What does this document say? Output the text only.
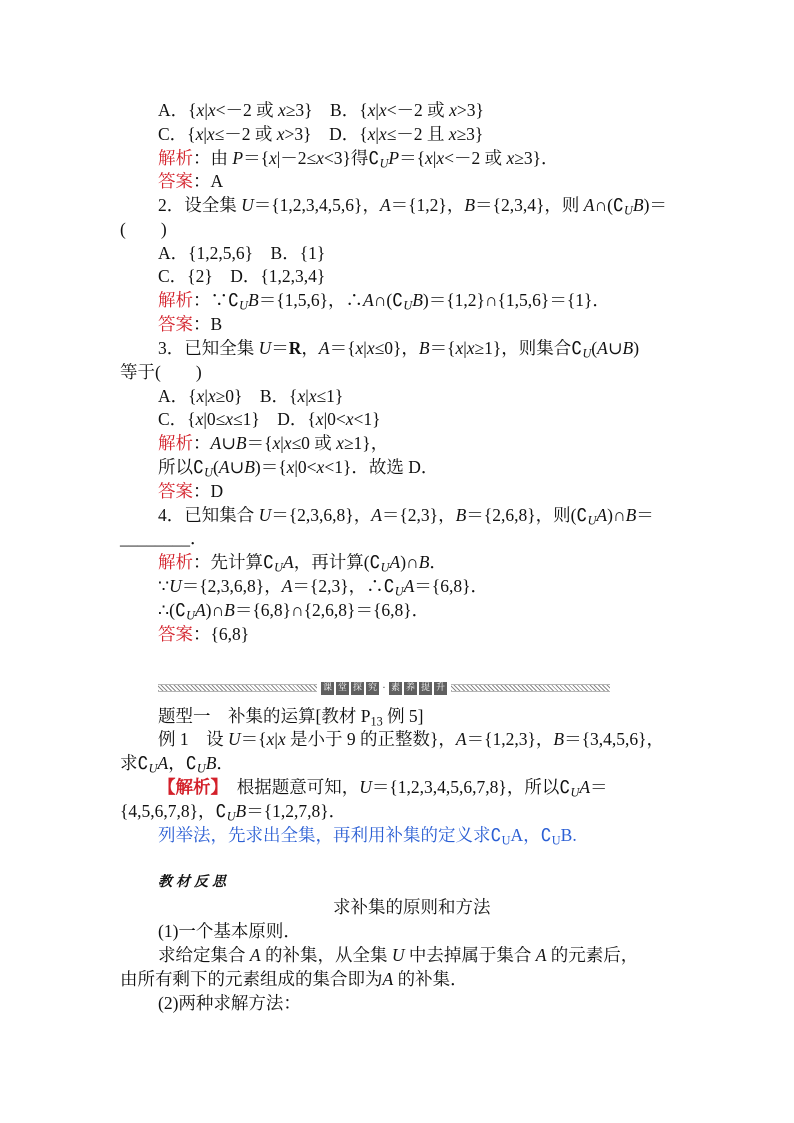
A．{x|x<－2 或 x≥3}　B．{x|x<－2 或 x>3}
C．{x|x≤－2 或 x>3}　D．{x|x≤－2 且 x≥3}
解析：由 P＝{x|－2≤x<3}得∁UP＝{x|x<－2 或 x≥3}．
答案：A
2．设全集 U＝{1,2,3,4,5,6}，A＝{1,2}，B＝{2,3,4}，则 A∩(∁UB)＝
(　　)
A．{1,2,5,6}　B．{1}
C．{2}　D．{1,2,3,4}
解析：∵∁UB＝{1,5,6}，∴A∩(∁UB)＝{1,2}∩{1,5,6}＝{1}．
答案：B
3．已知全集 U＝R，A＝{x|x≤0}，B＝{x|x≥1}，则集合∁U(A∪B)
等于(　　)
A．{x|x≥0}　B．{x|x≤1}
C．{x|0≤x≤1}　D．{x|0<x<1}
解析：A∪B＝{x|x≤0 或 x≥1}，
所以∁U(A∪B)＝{x|0<x<1}．故选 D．
答案：D
4．已知集合 U＝{2,3,6,8}，A＝{2,3}，B＝{2,6,8}，则(∁UA)∩B＝
________．
解析：先计算∁UA，再计算(∁UA)∩B．
∵U＝{2,3,6,8}，A＝{2,3}，∴∁UA＝{6,8}．
∴(∁UA)∩B＝{6,8}∩{2,6,8}＝{6,8}．
答案：{6,8}
课 堂 探 究 · 素 养 提 升
题型一　补集的运算[教材 P13 例 5]
例 1　设 U＝{x|x 是小于 9 的正整数}，A＝{1,2,3}，B＝{3,4,5,6}，
求∁UA，∁UB．
【解析】　根据题意可知，U＝{1,2,3,4,5,6,7,8}，所以∁UA＝
{4,5,6,7,8}，∁UB＝{1,2,7,8}．
列举法，先求出全集，再利用补集的定义求∁UA，∁UB.
教材反思
求补集的原则和方法
(1)一个基本原则．
求给定集合 A 的补集，从全集 U 中去掉属于集合 A 的元素后，
由所有剩下的元素组成的集合即为A 的补集．
(2)两种求解方法：
